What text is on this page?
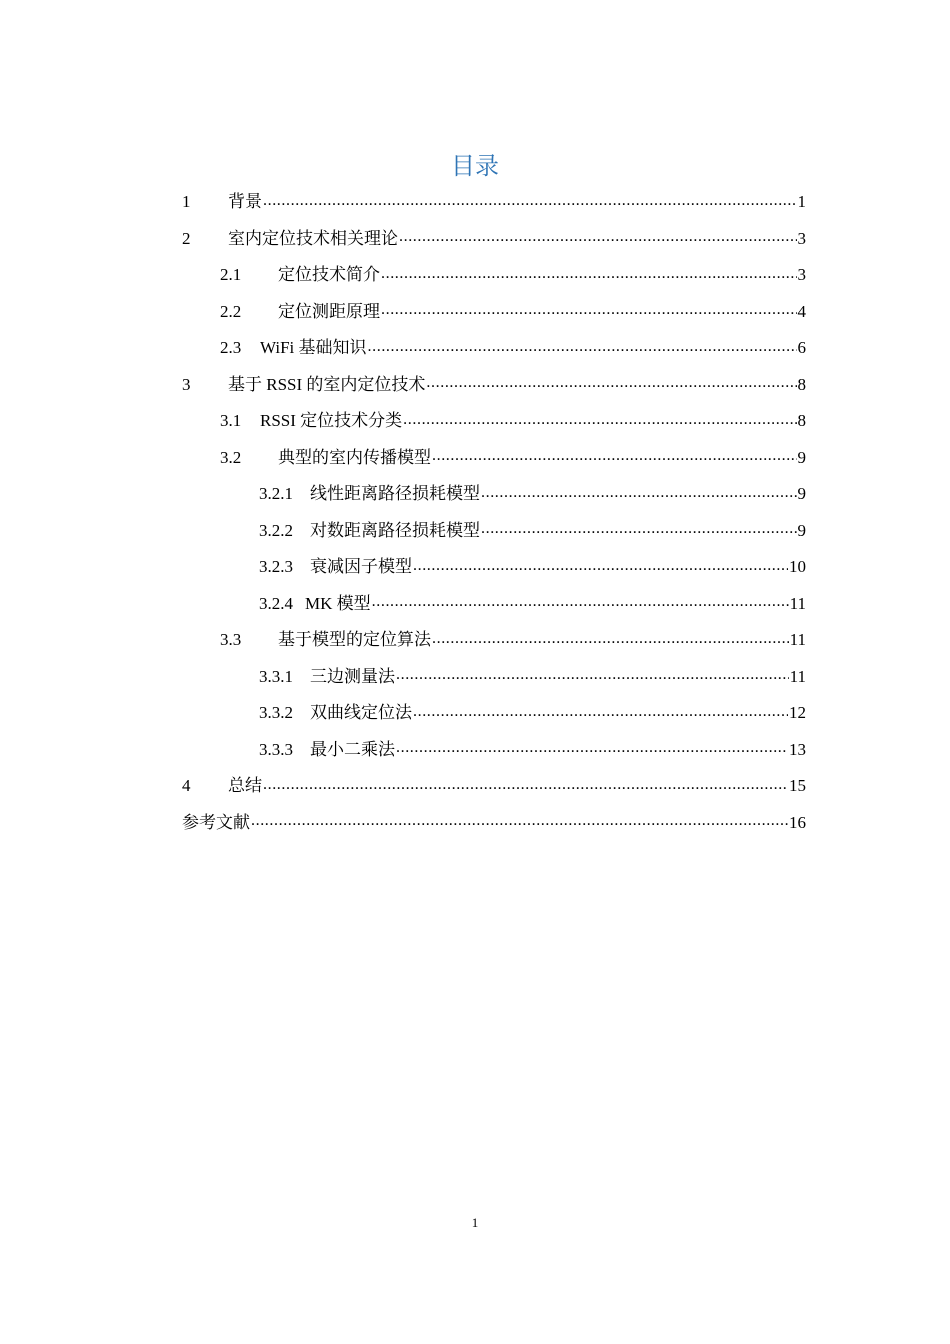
目录
1	背景 .....	1
2	室内定位技术相关理论 .....	3
2.1	定位技术简介 .....	3
2.2	定位测距原理 .....	4
2.3	WiFi 基础知识 .....	6
3	基于 RSSI 的室内定位技术 .....	8
3.1	RSSI 定位技术分类 .....	8
3.2	典型的室内传播模型 .....	9
3.2.1	线性距离路径损耗模型 .....	9
3.2.2	对数距离路径损耗模型 .....	9
3.2.3	衰减因子模型 .....	10
3.2.4 MK 模型 .....	11
3.3	基于模型的定位算法 .....	11
3.3.1	三边测量法 .....	11
3.3.2	双曲线定位法 .....	12
3.3.3	最小二乘法 .....	13
4	总结 .....	15
参考文献 .....	16
1
